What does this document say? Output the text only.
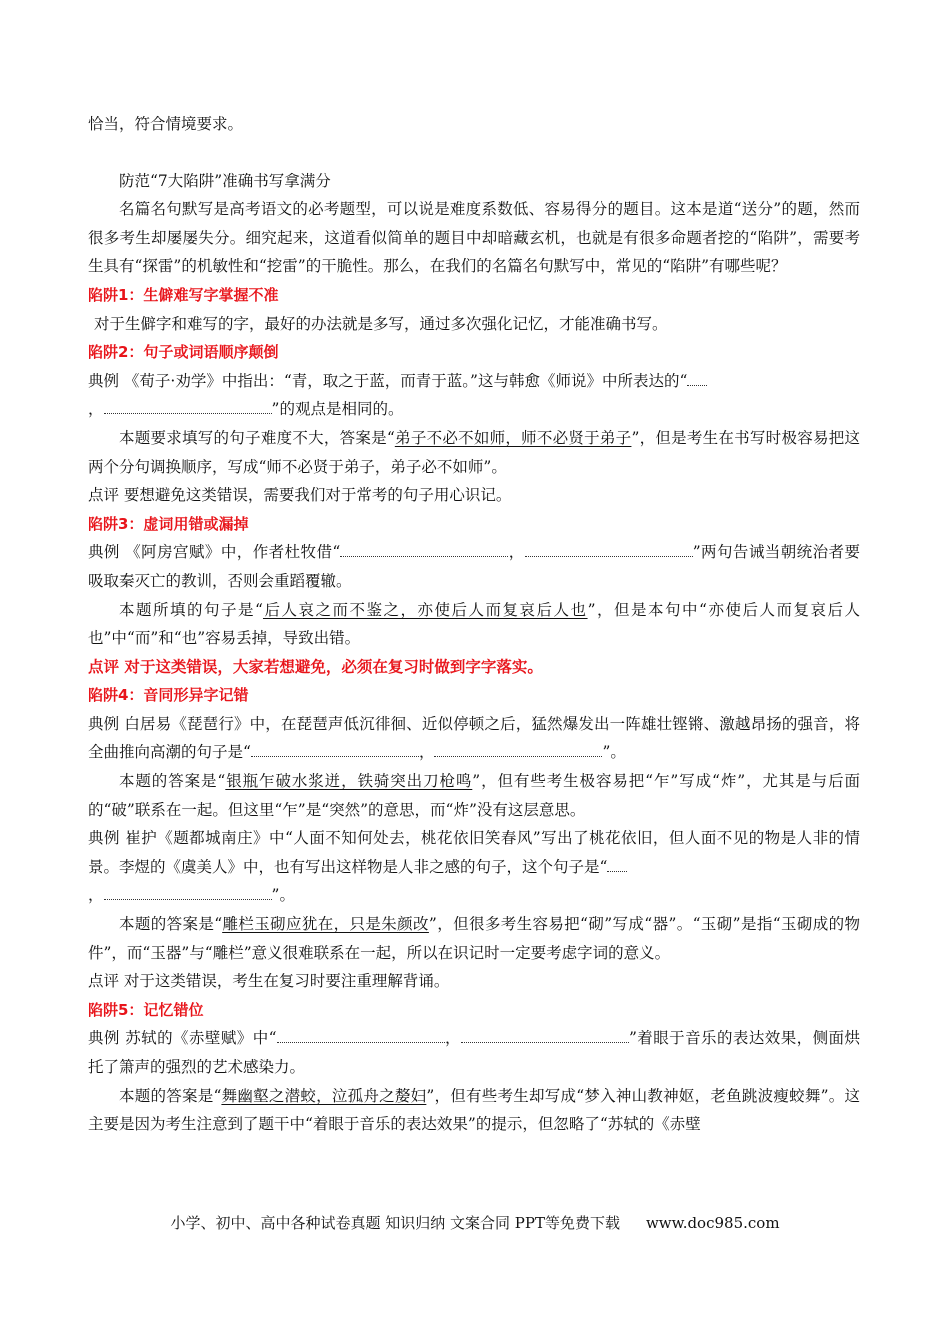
恰当，符合情境要求。

防范“7大陷阱”准确书写拿满分

名篇名句默写是高考语文的必考题型，可以说是难度系数低、容易得分的题目。这本是道“送分”的题，然而很多考生却屡屡失分。细究起来，这道看似简单的题目中却暗藏玄机，也就是有很多命题者挖的“陷阱”，需要考生具有“探雷”的机敏性和“挖雷”的干脆性。那么，在我们的名篇名句默写中，常见的“陷阱”有哪些呢？

陷阱1：生僻难写字掌握不准

对于生僻字和难写的字，最好的办法就是多写，通过多次强化记忆，才能准确书写。

陷阱2：句子或词语顺序颠倒

典例 《荀子·劝学》中指出：“青，取之于蓝，而青于蓝。”这与韩愈《师说》中所表达的“
，	”的观点是相同的。

本题要求填写的句子难度不大，答案是“弟子不必不如师，师不必贤于弟子”，但是考生在书写时极容易把这两个分句调换顺序，写成“师不必贤于弟子，弟子必不如师”。

点评 要想避免这类错误，需要我们对于常考的句子用心识记。

陷阱3：虚词用错或漏掉

典例 《阿房宫赋》中，作者杜牧借“	，	”两句告诫当朝统治者要吸取秦灭亡的教训，否则会重蹈覆辙。

本题所填的句子是“后人哀之而不鉴之，亦使后人而复哀后人也”，但是本句中“亦使后人而复哀后人也”中“而”和“也”容易丢掉，导致出错。

点评 对于这类错误，大家若想避免，必须在复习时做到字字落实。

陷阱4：音同形异字记错

典例 白居易《琵琶行》中，在琵琶声低沉徘徊、近似停顿之后，猛然爆发出一阵雄壮铿锵、激越昂扬的强音，将全曲推向高潮的句子是“	，	”。

本题的答案是“银瓶乍破水浆迸，铁骑突出刀枪鸣”，但有些考生极容易把“乍”写成“炸”，尤其是与后面的“破”联系在一起。但这里“乍”是“突然”的意思，而“炸”没有这层意思。

典例 崔护《题都城南庄》中“人面不知何处去，桃花依旧笑春风”写出了桃花依旧，但人面不见的物是人非的情景。李煜的《虞美人》中，也有写出这样物是人非之感的句子，这个句子是“
，	”。

本题的答案是“雕栏玉砌应犹在，只是朱颜改”，但很多考生容易把“砌”写成“器”。“玉砌”是指“玉砌成的物件”，而“玉器”与“雕栏”意义很难联系在一起，所以在识记时一定要考虑字词的意义。

点评 对于这类错误，考生在复习时要注重理解背诵。

陷阱5：记忆错位

典例 苏轼的《赤壁赋》中“	，	”着眼于音乐的表达效果，侧面烘托了箫声的强烈的艺术感染力。

本题的答案是“舞幽壑之潜蛟，泣孤舟之嫠妇”，但有些考生却写成“梦入神山教神妪，老鱼跳波瘦蛟舞”。这主要是因为考生注意到了题干中“着眼于音乐的表达效果”的提示，但忽略了“苏轼的《赤壁

小学、初中、高中各种试卷真题 知识归纳 文案合同 PPT等免费下载 www.doc985.com
